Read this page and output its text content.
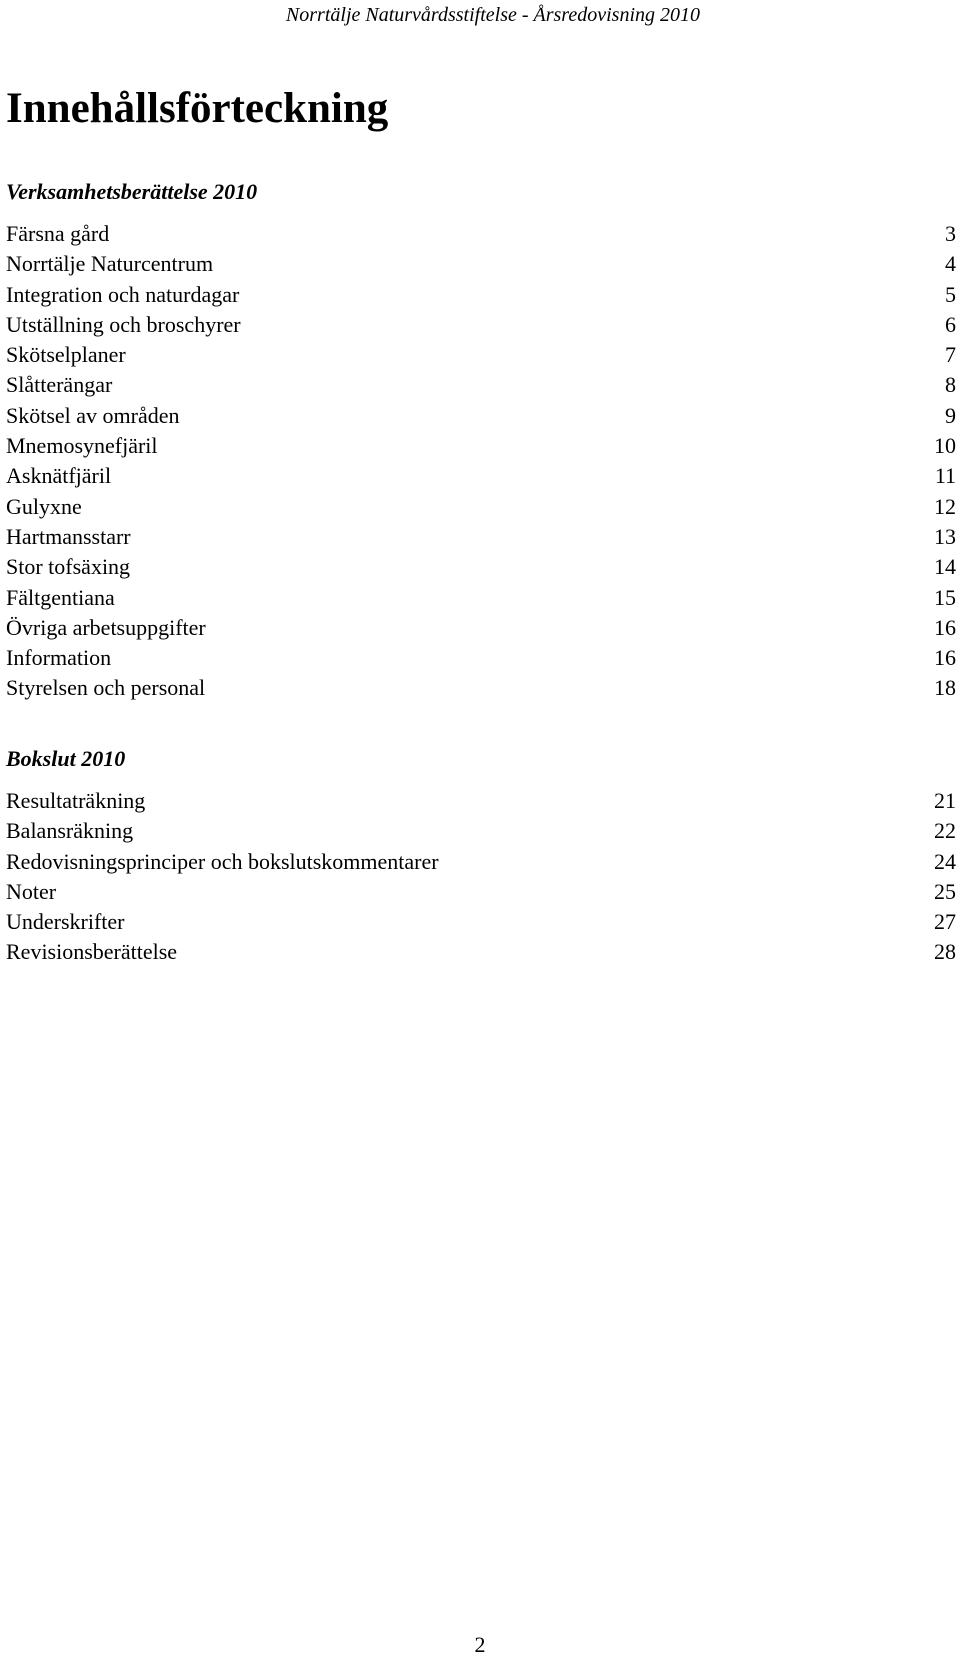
Norrtälje Naturvårdsstiftelse - Årsredovisning 2010
Innehållsförteckning
Verksamhetsberättelse 2010
Färsna gård	3
Norrtälje Naturcentrum	4
Integration och naturdagar	5
Utställning och broschyrer	6
Skötselplaner	7
Slåtterängar	8
Skötsel av områden	9
Mnemosynefjäril	10
Asknätfjäril	11
Gulyxne	12
Hartmansstarr	13
Stor tofsäxing	14
Fältgentiana	15
Övriga arbetsuppgifter	16
Information	16
Styrelsen och personal	18
Bokslut 2010
Resultaträkning	21
Balansräkning	22
Redovisningsprinciper och bokslutskommentarer	24
Noter	25
Underskrifter	27
Revisionsberättelse	28
2
